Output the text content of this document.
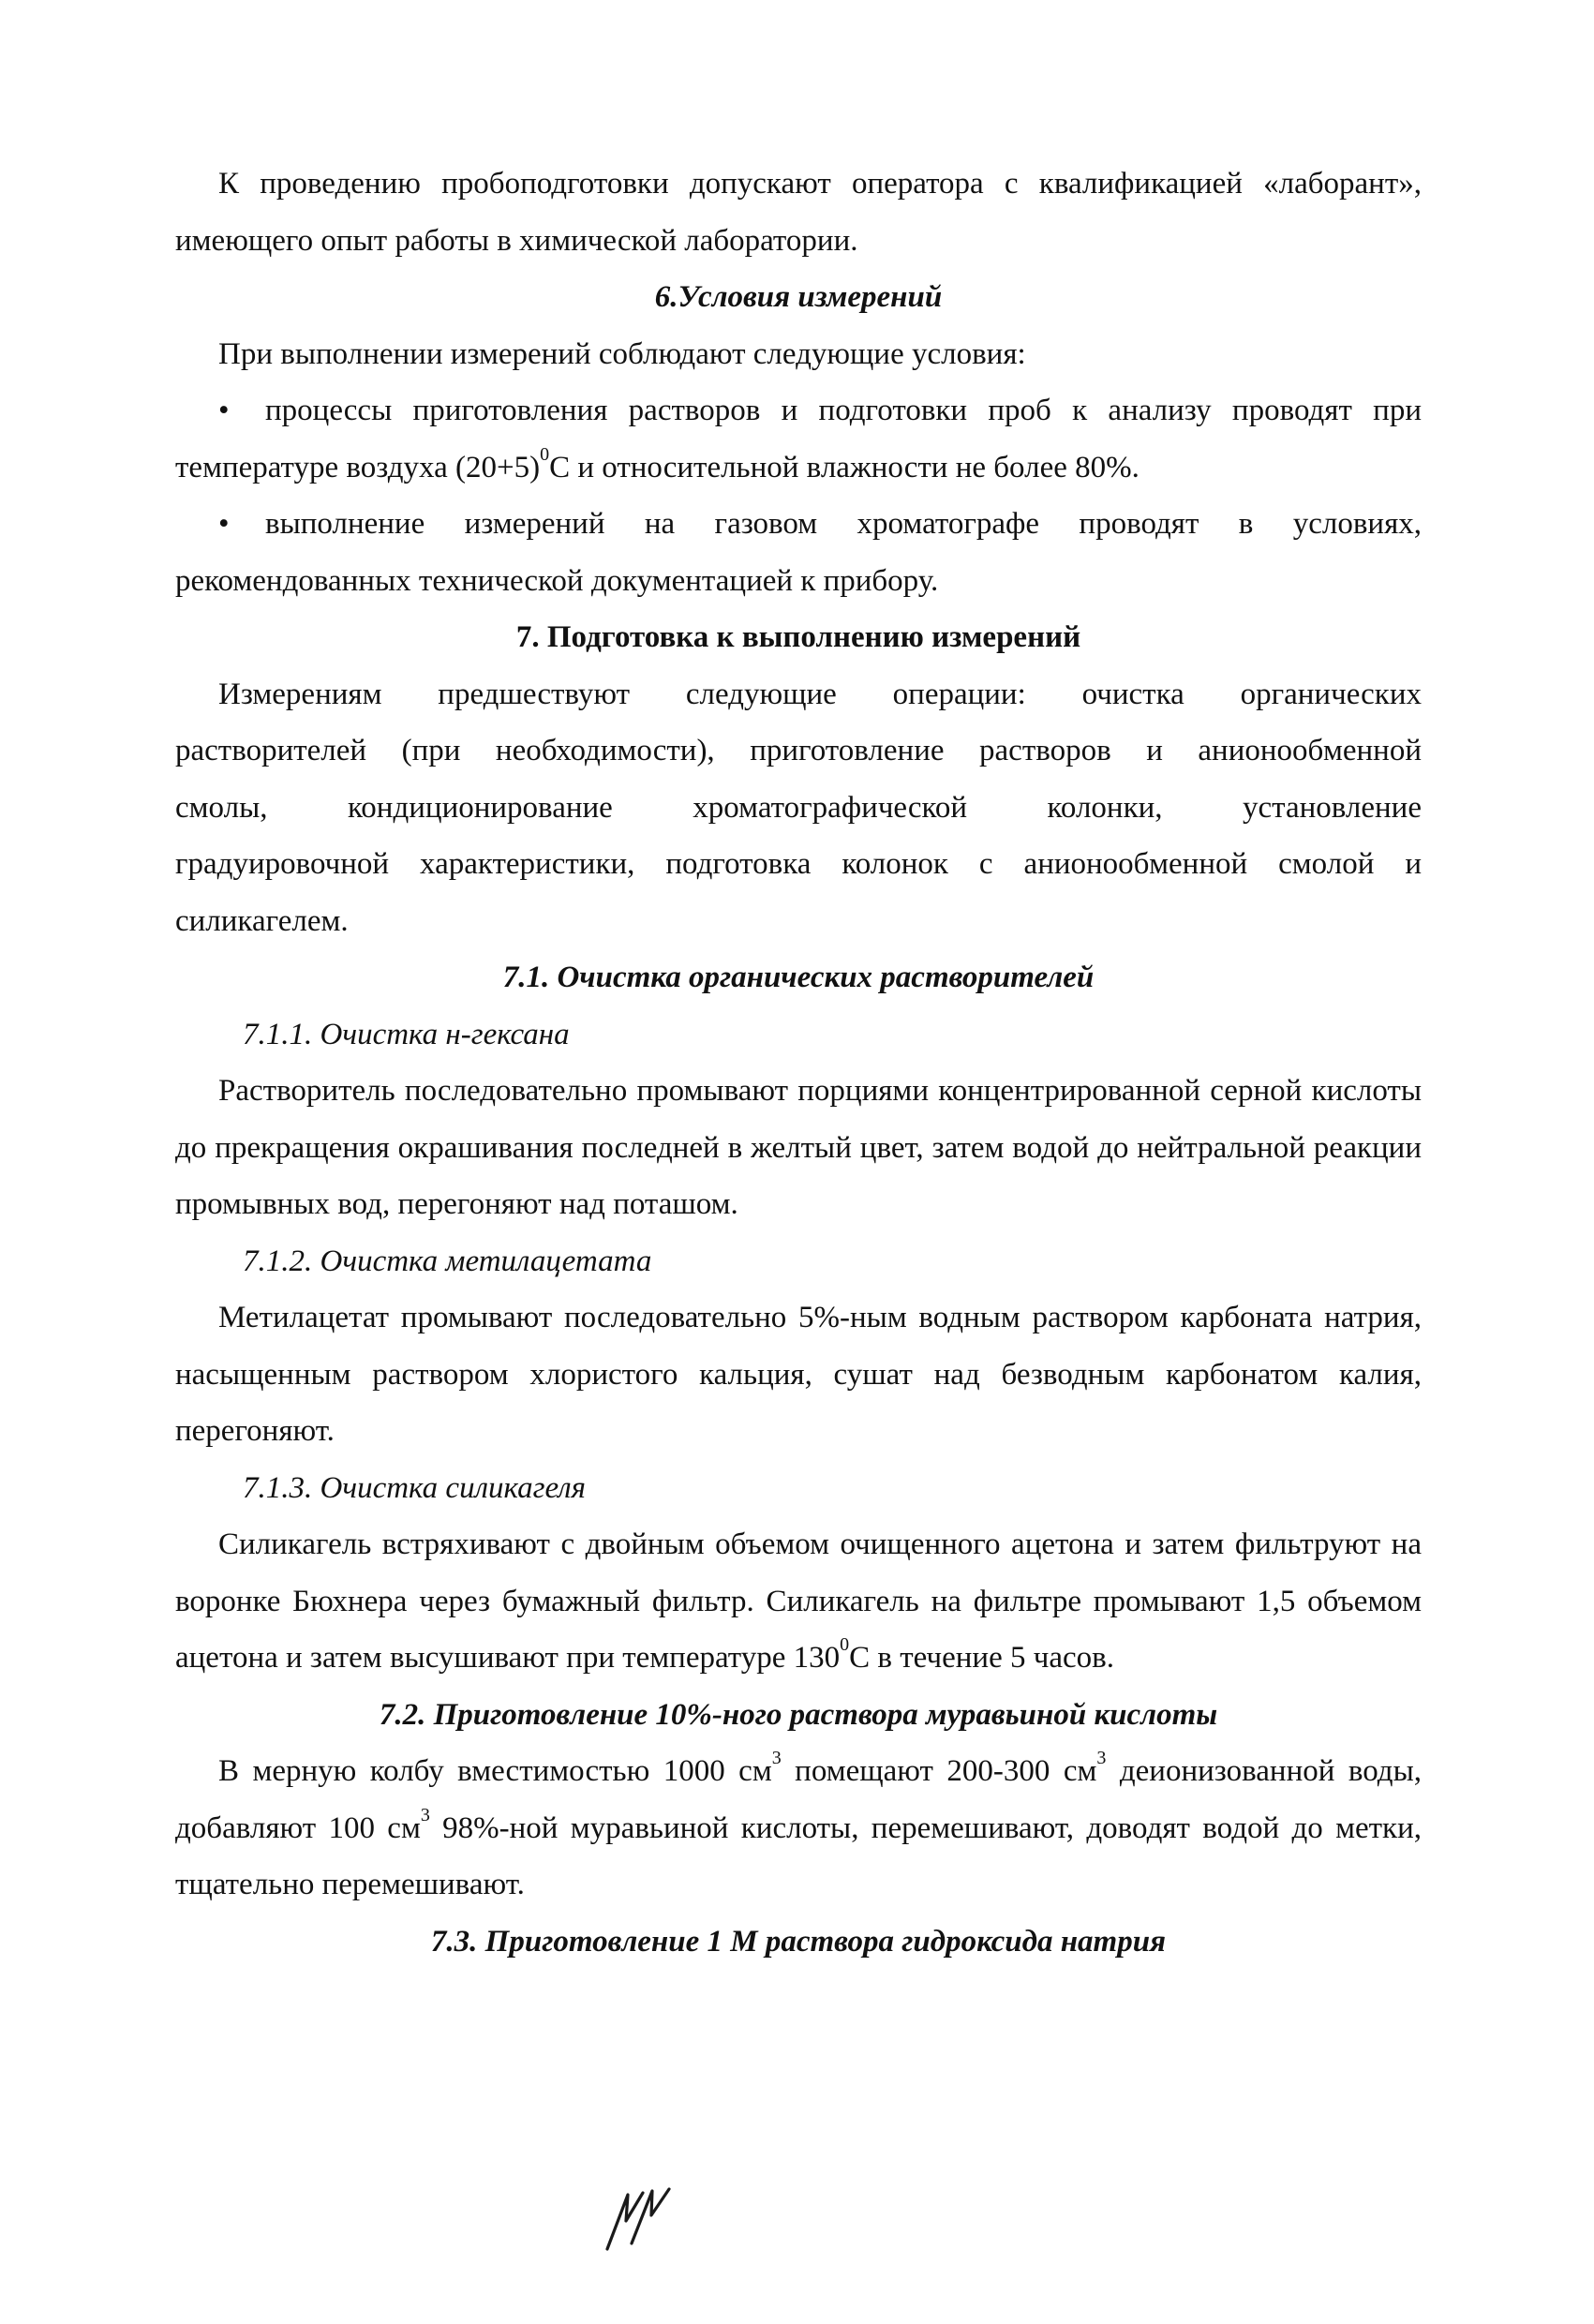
К проведению пробоподготовки допускают оператора с квалификацией «лаборант», имеющего опыт работы в химической лаборатории.

6.Условия измерений

При выполнении измерений соблюдают следующие условия:

• процессы приготовления растворов и подготовки проб к анализу проводят при температуре воздуха $(20+5)^0С$ и относительной влажности не более 80%.

• выполнение измерений на газовом хроматографе проводят в условиях, рекомендованных технической документацией к прибору.

7. Подготовка к выполнению измерений

Измерениям предшествуют следующие операции: очистка органических

растворителей (при необходимости), приготовление растворов и анионообменной

смолы, кондиционирование хроматографической колонки, установление

градуировочной характеристики, подготовка колонок с анионообменной смолой и

силикагелем.

7.1. Очистка органических растворителей

7.1.1. Очистка н-гексана

Растворитель последовательно промывают порциями концентрированной серной кислоты до прекращения окрашивания последней в желтый цвет, затем водой до нейтральной реакции промывных вод, перегоняют над поташом.

7.1.2. Очистка метилацетата

Метилацетат промывают последовательно 5%-ным водным раствором карбоната натрия, насыщенным раствором хлористого кальция, сушат над безводным карбонатом калия, перегоняют.

7.1.3. Очистка силикагеля

Силикагель встряхивают с двойным объемом очищенного ацетона и затем фильтруют на воронке Бюхнера через бумажный фильтр. Силикагель на фильтре промывают 1,5 объемом ацетона и затем высушивают при температуре $130^0С$ в течение 5 часов.

7.2. Приготовление 10%-ного раствора муравьиной кислоты

В мерную колбу вместимостью 1000 $см^3$ помещают 200-300 $см^3$ деионизованной воды, добавляют 100 $см^3$ 98%-ной муравьиной кислоты, перемешивают, доводят водой до метки, тщательно перемешивают.

7.3. Приготовление 1 М раствора гидроксида натрия
